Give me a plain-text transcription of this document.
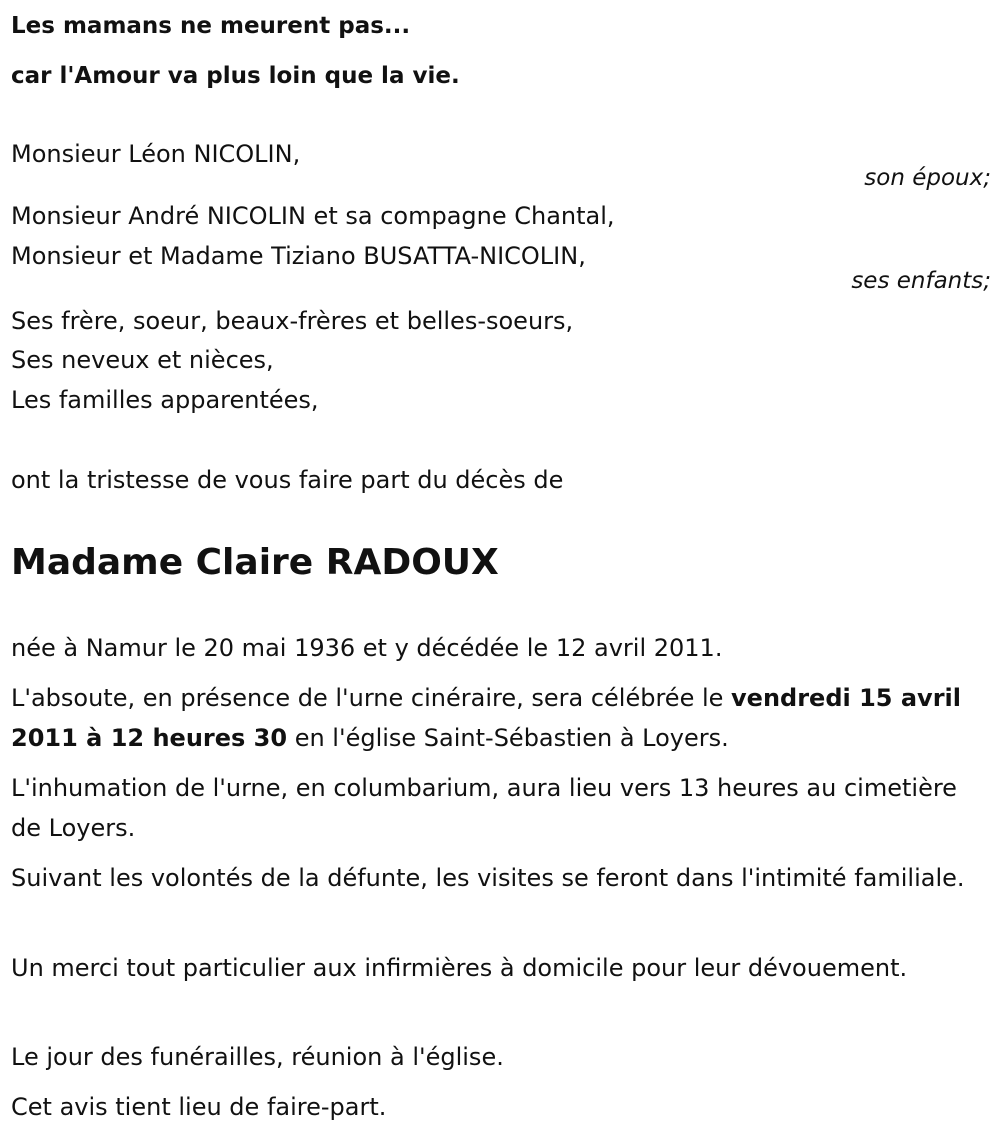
Les mamans ne meurent pas...

car l'Amour va plus loin que la vie.

Monsieur Léon NICOLIN,
son époux;
Monsieur André NICOLIN et sa compagne Chantal,
Monsieur et Madame Tiziano BUSATTA-NICOLIN,
ses enfants;
Ses frère, soeur, beaux-frères et belles-soeurs,
Ses neveux et nièces,
Les familles apparentées,
ont la tristesse de vous faire part du décès de
Madame Claire RADOUX

née à Namur le 20 mai 1936 et y décédée le 12 avril 2011.

L'absoute, en présence de l'urne cinéraire, sera célébrée le vendredi 15 avril 2011 à 12 heures 30 en l'église Saint-Sébastien à Loyers.

L'inhumation de l'urne, en columbarium, aura lieu vers 13 heures au cimetière de Loyers.

Suivant les volontés de la défunte, les visites se feront dans l'intimité familiale.

Un merci tout particulier aux infirmières à domicile pour leur dévouement.

Le jour des funérailles, réunion à l'église.

Cet avis tient lieu de faire-part.
